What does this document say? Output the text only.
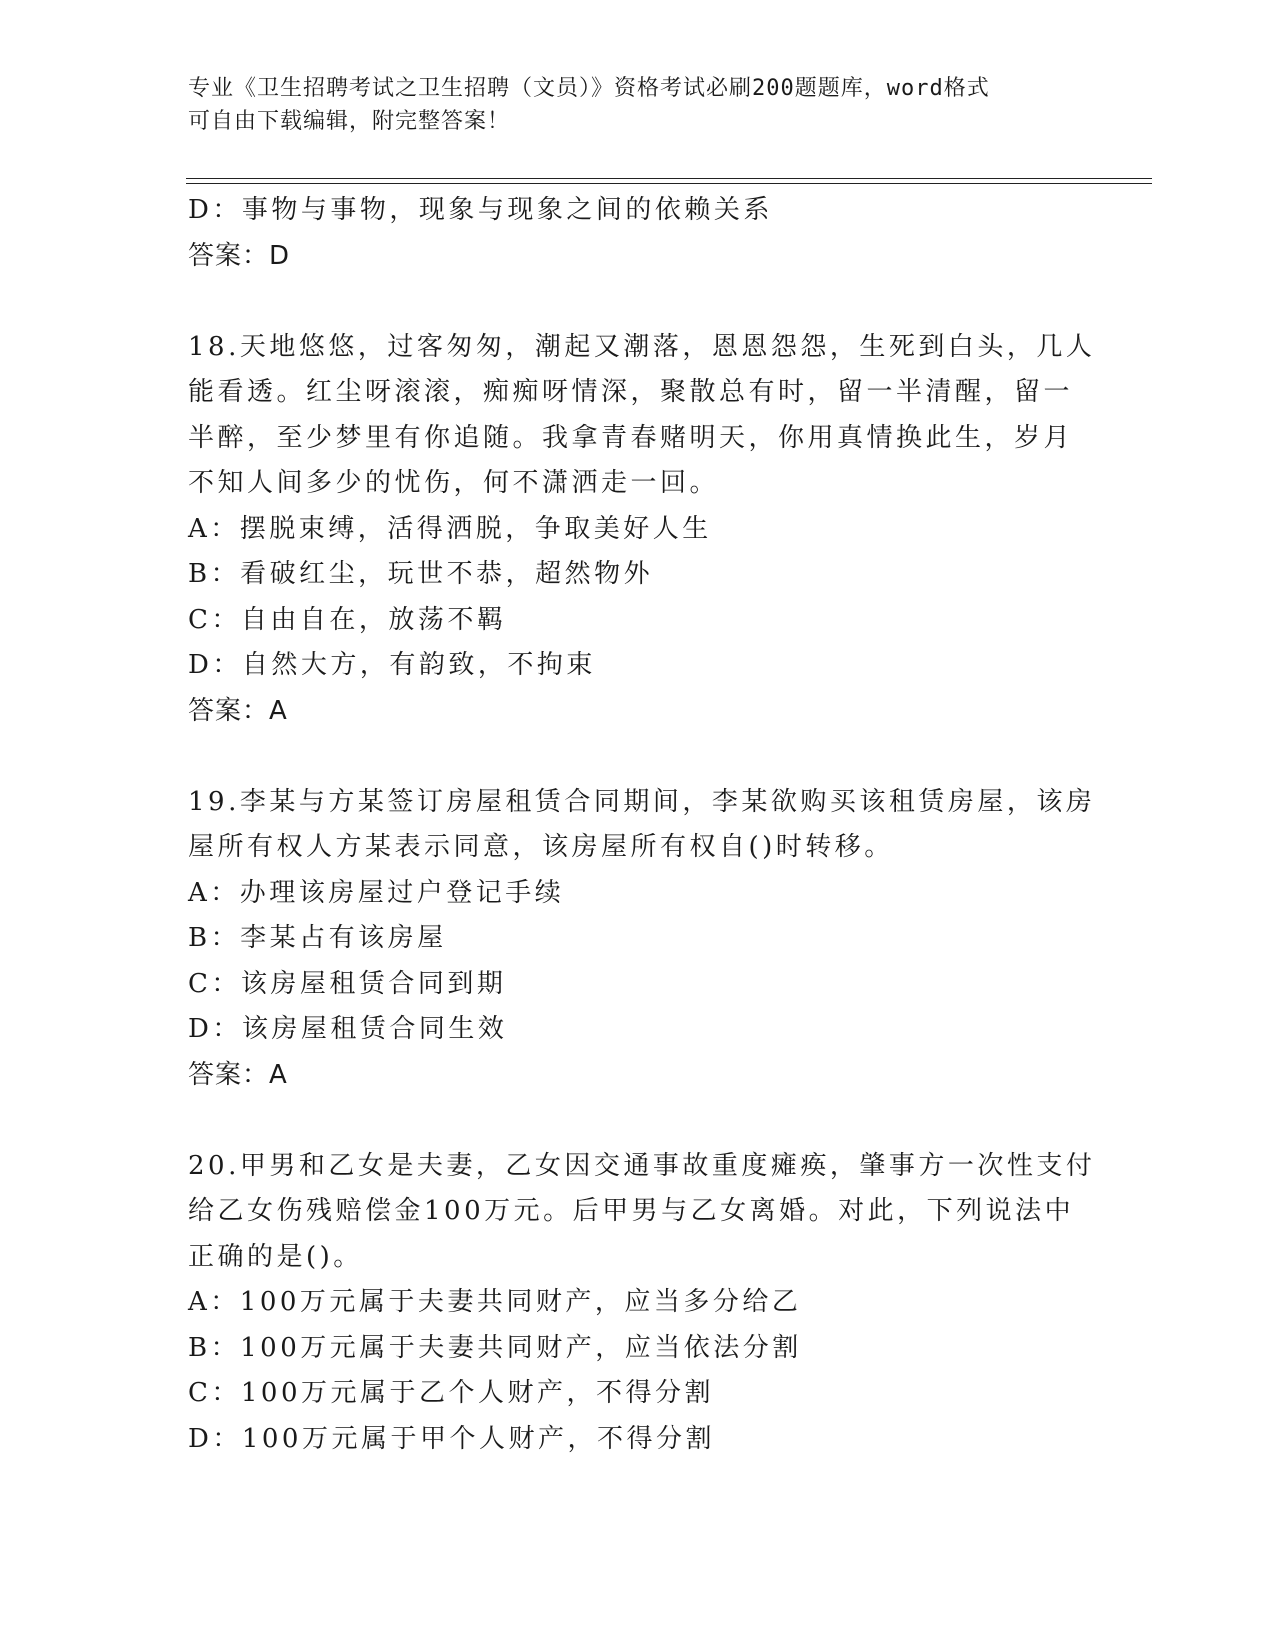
专业《卫生招聘考试之卫生招聘（文员）》资格考试必刷200题题库，word格式
可自由下载编辑，附完整答案！
D：事物与事物，现象与现象之间的依赖关系
答案：D
18.天地悠悠，过客匆匆，潮起又潮落，恩恩怨怨，生死到白头，几人
能看透。红尘呀滚滚，痴痴呀情深，聚散总有时，留一半清醒，留一
半醉，至少梦里有你追随。我拿青春赌明天，你用真情换此生，岁月
不知人间多少的忧伤，何不潇洒走一回。
A：摆脱束缚，活得洒脱，争取美好人生
B：看破红尘，玩世不恭，超然物外
C：自由自在，放荡不羁
D：自然大方，有韵致，不拘束
答案：A
19.李某与方某签订房屋租赁合同期间，李某欲购买该租赁房屋，该房
屋所有权人方某表示同意，该房屋所有权自()时转移。
A：办理该房屋过户登记手续
B：李某占有该房屋
C：该房屋租赁合同到期
D：该房屋租赁合同生效
答案：A
20.甲男和乙女是夫妻，乙女因交通事故重度瘫痪，肇事方一次性支付
给乙女伤残赔偿金100万元。后甲男与乙女离婚。对此，下列说法中
正确的是()。
A：100万元属于夫妻共同财产，应当多分给乙
B：100万元属于夫妻共同财产，应当依法分割
C：100万元属于乙个人财产，不得分割
D：100万元属于甲个人财产，不得分割
